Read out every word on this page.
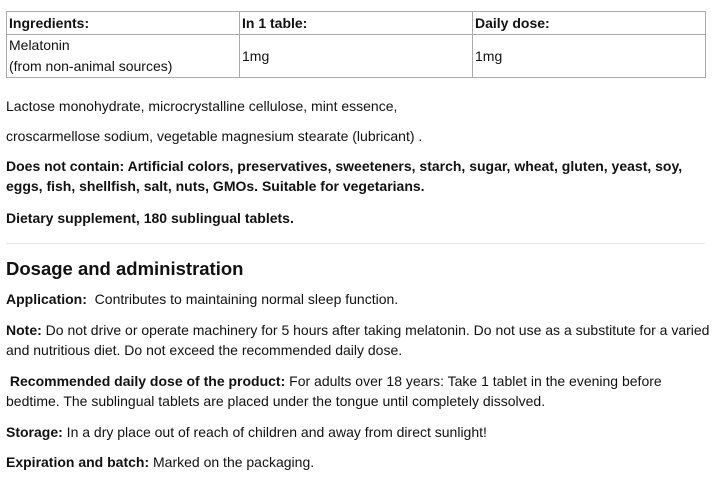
Ingredients:	In 1 table:	Daily dose:
Melatonin
(from non-animal sources)	1mg	1mg

Lactose monohydrate, microcrystalline cellulose, mint essence,

croscarmellose sodium, vegetable magnesium stearate (lubricant) .

Does not contain: Artificial colors, preservatives, sweeteners, starch, sugar, wheat, gluten, yeast, soy, eggs, fish, shellfish, salt, nuts, GMOs. Suitable for vegetarians.

Dietary supplement, 180 sublingual tablets.

Dosage and administration

Application:  Contributes to maintaining normal sleep function.

Note: Do not drive or operate machinery for 5 hours after taking melatonin. Do not use as a substitute for a varied and nutritious diet. Do not exceed the recommended daily dose.

Recommended daily dose of the product: For adults over 18 years: Take 1 tablet in the evening before bedtime. The sublingual tablets are placed under the tongue until completely dissolved.

Storage: In a dry place out of reach of children and away from direct sunlight!

Expiration and batch: Marked on the packaging.
